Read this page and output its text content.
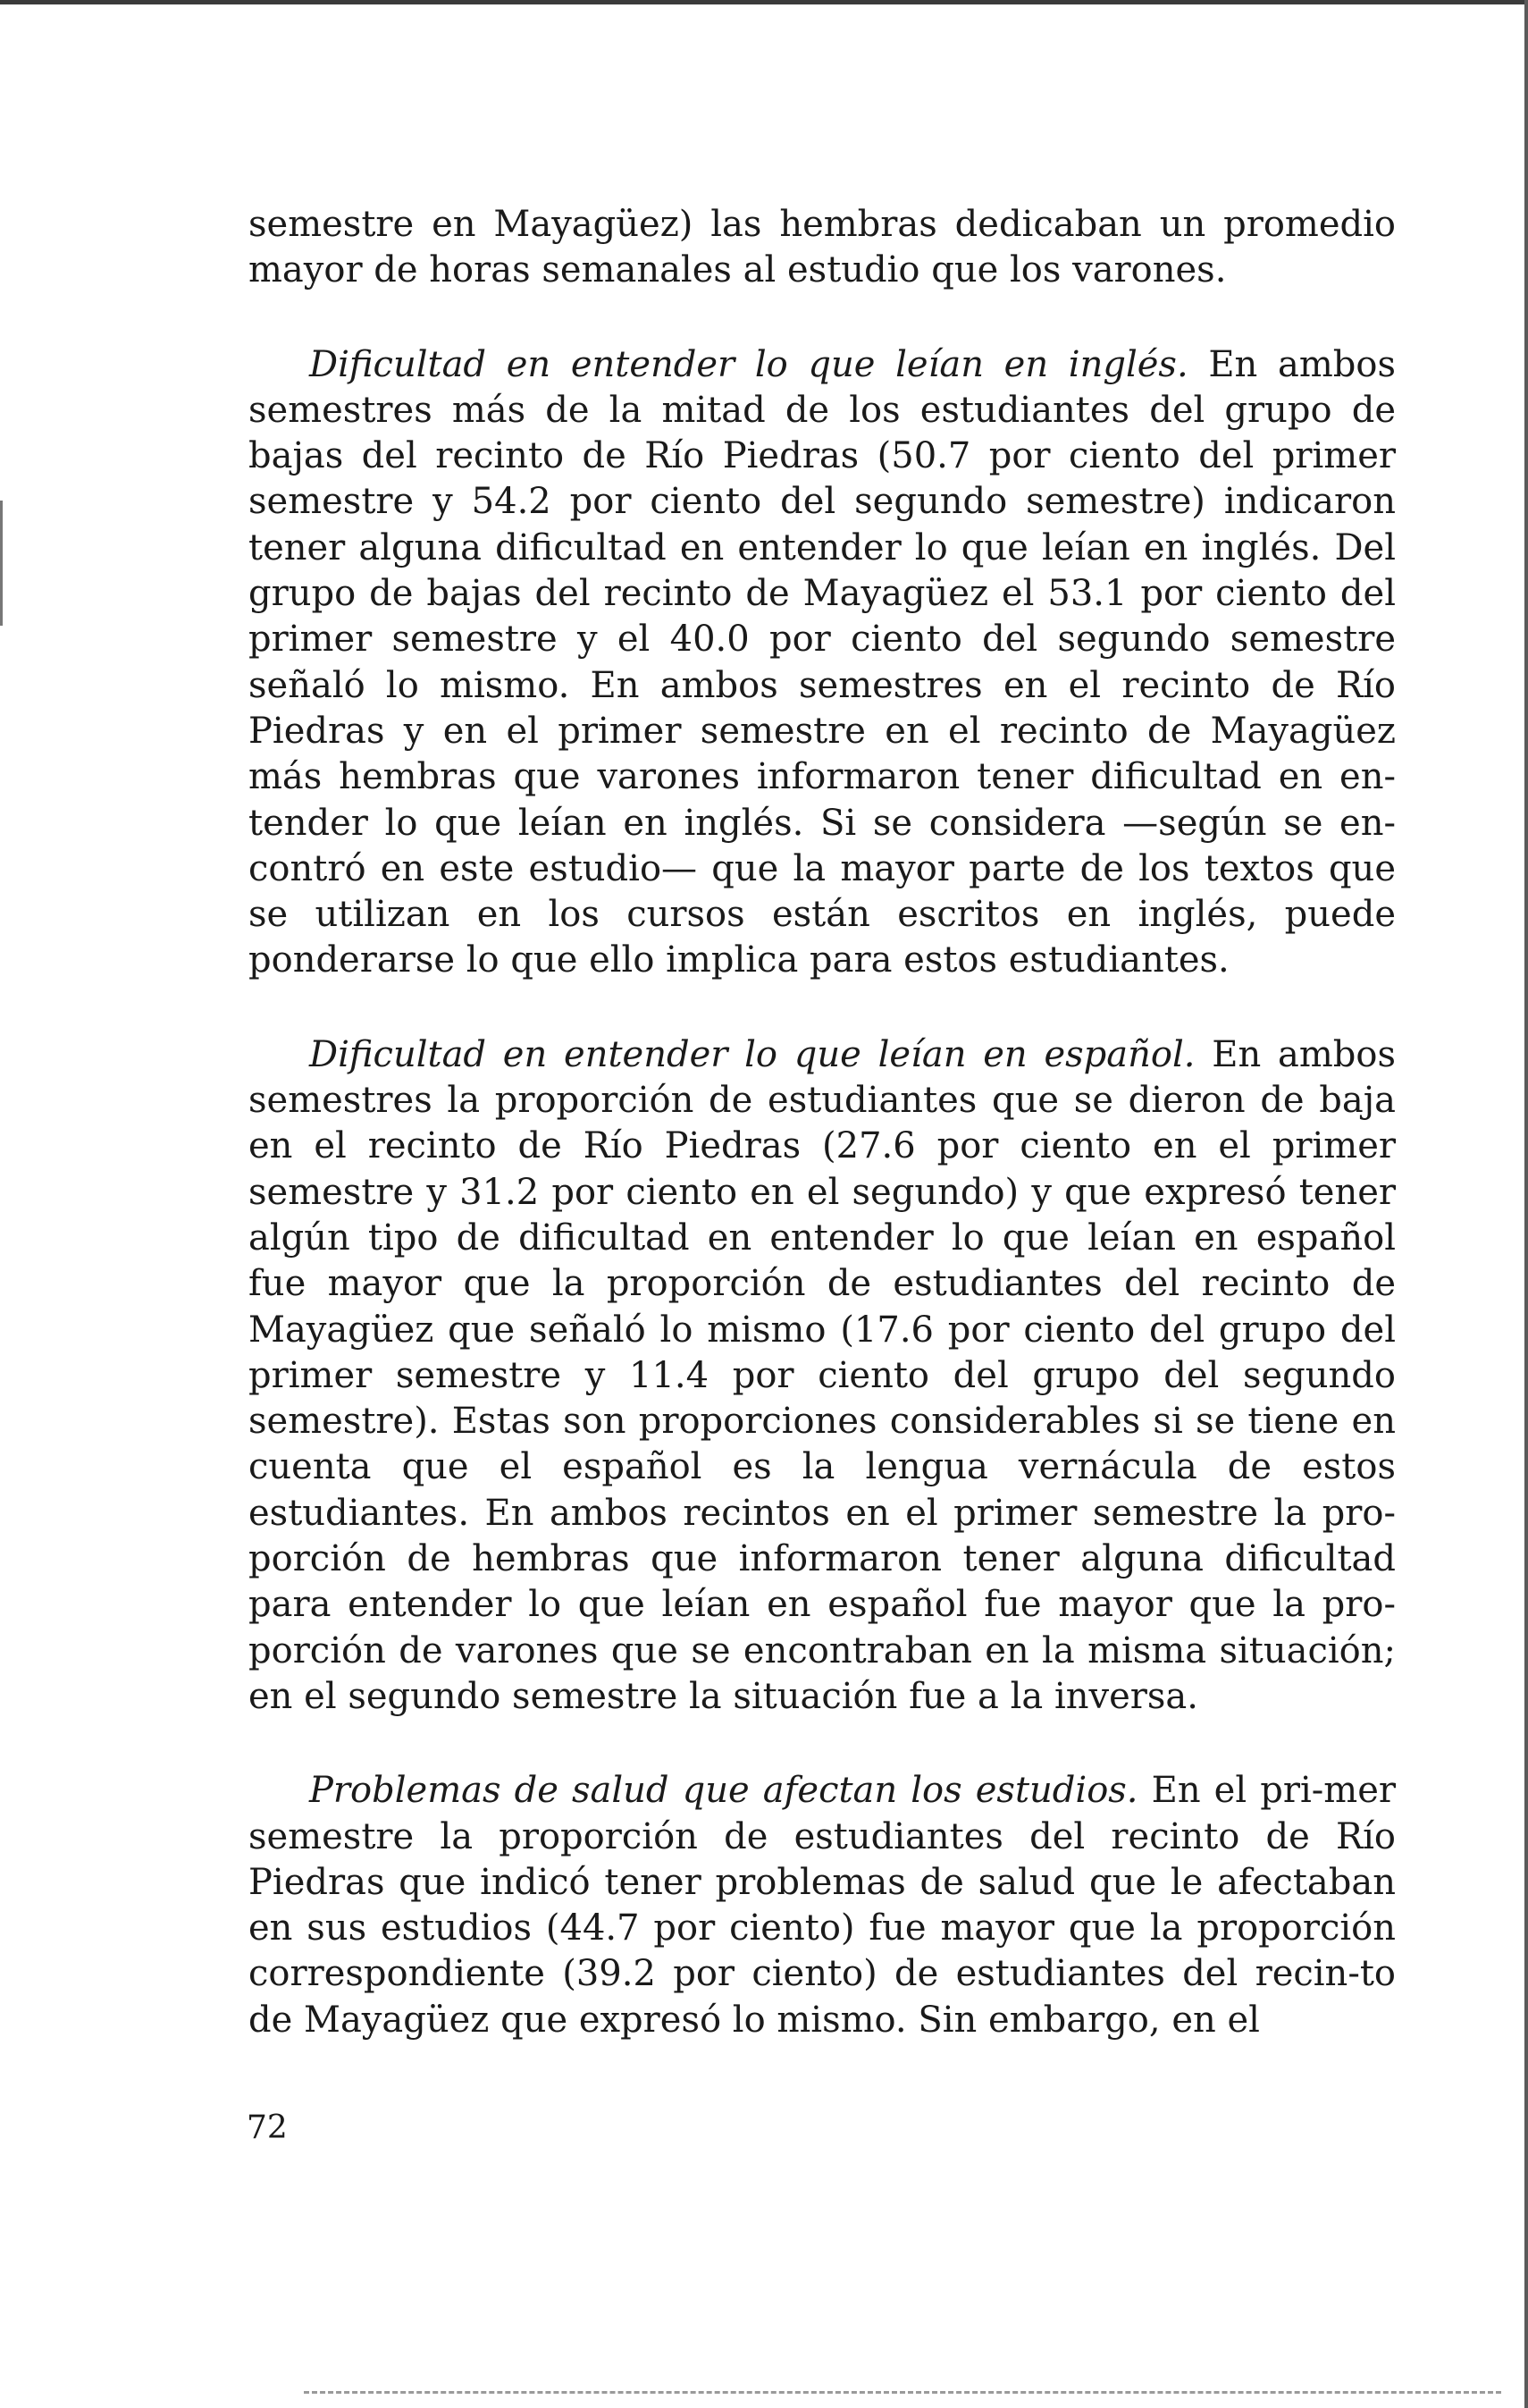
semestre en Mayagüez) las hembras dedicaban un promedio mayor de horas semanales al estudio que los varones.

Dificultad en entender lo que leían en inglés. En ambos semestres más de la mitad de los estudiantes del grupo de bajas del recinto de Río Piedras (50.7 por ciento del primer semestre y 54.2 por ciento del segundo semestre) indicaron tener alguna dificultad en entender lo que leían en inglés. Del grupo de bajas del recinto de Mayagüez el 53.1 por ciento del primer semestre y el 40.0 por ciento del segundo semestre señaló lo mismo. En ambos semestres en el recinto de Río Piedras y en el primer semestre en el recinto de Mayagüez más hembras que varones informaron tener dificultad en en-tender lo que leían en inglés. Si se considera —según se en-contró en este estudio— que la mayor parte de los textos que se utilizan en los cursos están escritos en inglés, puede ponderarse lo que ello implica para estos estudiantes.

Dificultad en entender lo que leían en español. En ambos semestres la proporción de estudiantes que se dieron de baja en el recinto de Río Piedras (27.6 por ciento en el primer semestre y 31.2 por ciento en el segundo) y que expresó tener algún tipo de dificultad en entender lo que leían en español fue mayor que la proporción de estudiantes del recinto de Mayagüez que señaló lo mismo (17.6 por ciento del grupo del primer semestre y 11.4 por ciento del grupo del segundo semestre). Estas son proporciones considerables si se tiene en cuenta que el español es la lengua vernácula de estos estudiantes. En ambos recintos en el primer semestre la pro-porción de hembras que informaron tener alguna dificultad para entender lo que leían en español fue mayor que la pro-porción de varones que se encontraban en la misma situación; en el segundo semestre la situación fue a la inversa.

Problemas de salud que afectan los estudios. En el pri-mer semestre la proporción de estudiantes del recinto de Río Piedras que indicó tener problemas de salud que le afectaban en sus estudios (44.7 por ciento) fue mayor que la proporción correspondiente (39.2 por ciento) de estudiantes del recin-to de Mayagüez que expresó lo mismo. Sin embargo, en el

72
